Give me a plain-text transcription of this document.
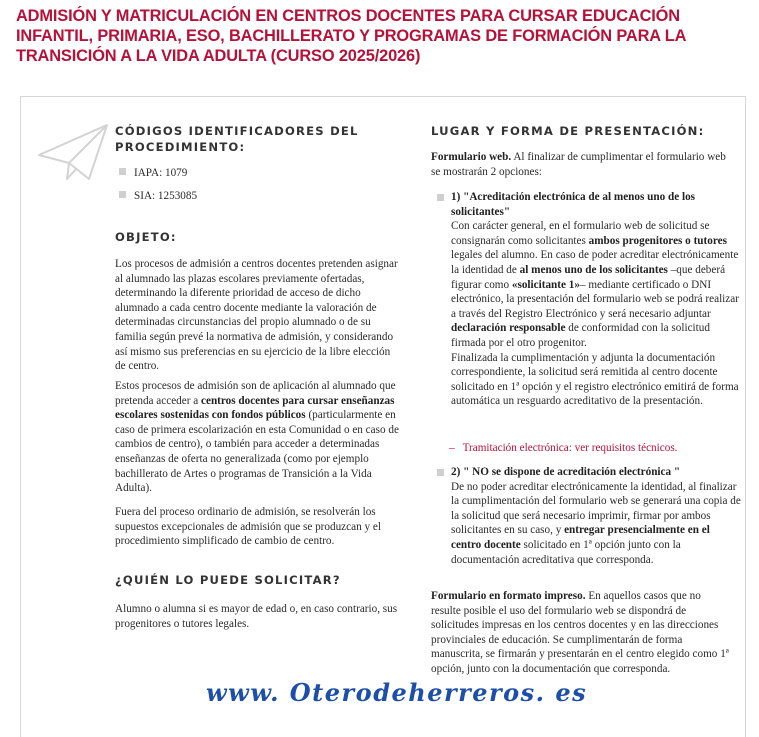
ADMISIÓN Y MATRICULACIÓN EN CENTROS DOCENTES PARA CURSAR EDUCACIÓN INFANTIL, PRIMARIA, ESO, BACHILLERATO Y PROGRAMAS DE FORMACIÓN PARA LA TRANSICIÓN A LA VIDA ADULTA (CURSO 2025/2026)
CÓDIGOS IDENTIFICADORES DEL PROCEDIMIENTO:
IAPA: 1079
SIA: 1253085
OBJETO:

Los procesos de admisión a centros docentes pretenden asignar al alumnado las plazas escolares previamente ofertadas, determinando la diferente prioridad de acceso de dicho alumnado a cada centro docente mediante la valoración de determinadas circunstancias del propio alumnado o de su familia según prevé la normativa de admisión, y considerando así mismo sus preferencias en su ejercicio de la libre elección de centro.

Estos procesos de admisión son de aplicación al alumnado que pretenda acceder a centros docentes para cursar enseñanzas escolares sostenidas con fondos públicos (particularmente en caso de primera escolarización en esta Comunidad o en caso de cambios de centro), o también para acceder a determinadas enseñanzas de oferta no generalizada (como por ejemplo bachillerato de Artes o programas de Transición a la Vida Adulta).

Fuera del proceso ordinario de admisión, se resolverán los supuestos excepcionales de admisión que se produzcan y el procedimiento simplificado de cambio de centro.

¿QUIÉN LO PUEDE SOLICITAR?

Alumno o alumna si es mayor de edad o, en caso contrario, sus progenitores o tutores legales.

LUGAR Y FORMA DE PRESENTACIÓN:

Formulario web. Al finalizar de cumplimentar el formulario web se mostrarán 2 opciones:

1) "Acreditación electrónica de al menos uno de los solicitantes"

Con carácter general, en el formulario web de solicitud se consignarán como solicitantes ambos progenitores o tutores legales del alumno. En caso de poder acreditar electrónicamente la identidad de al menos uno de los solicitantes –que deberá figurar como «solicitante 1»– mediante certificado o DNI electrónico, la presentación del formulario web se podrá realizar a través del Registro Electrónico y será necesario adjuntar declaración responsable de conformidad con la solicitud firmada por el otro progenitor.

Finalizada la cumplimentación y adjunta la documentación correspondiente, la solicitud será remitida al centro docente solicitado en 1ª opción y el registro electrónico emitirá de forma automática un resguardo acreditativo de la presentación.

– Tramitación electrónica: ver requisitos técnicos.

2) " NO se dispone de acreditación electrónica "

De no poder acreditar electrónicamente la identidad, al finalizar la cumplimentación del formulario web se generará una copia de la solicitud que será necesario imprimir, firmar por ambos solicitantes en su caso, y entregar presencialmente en el centro docente solicitado en 1ª opción junto con la documentación acreditativa que corresponda.

Formulario en formato impreso. En aquellos casos que no resulte posible el uso del formulario web se dispondrá de solicitudes impresas en los centros docentes y en las direcciones provinciales de educación. Se cumplimentarán de forma manuscrita, se firmarán y presentarán en el centro elegido como 1ª opción, junto con la documentación que corresponda.

www. Oterodeherreros. es
